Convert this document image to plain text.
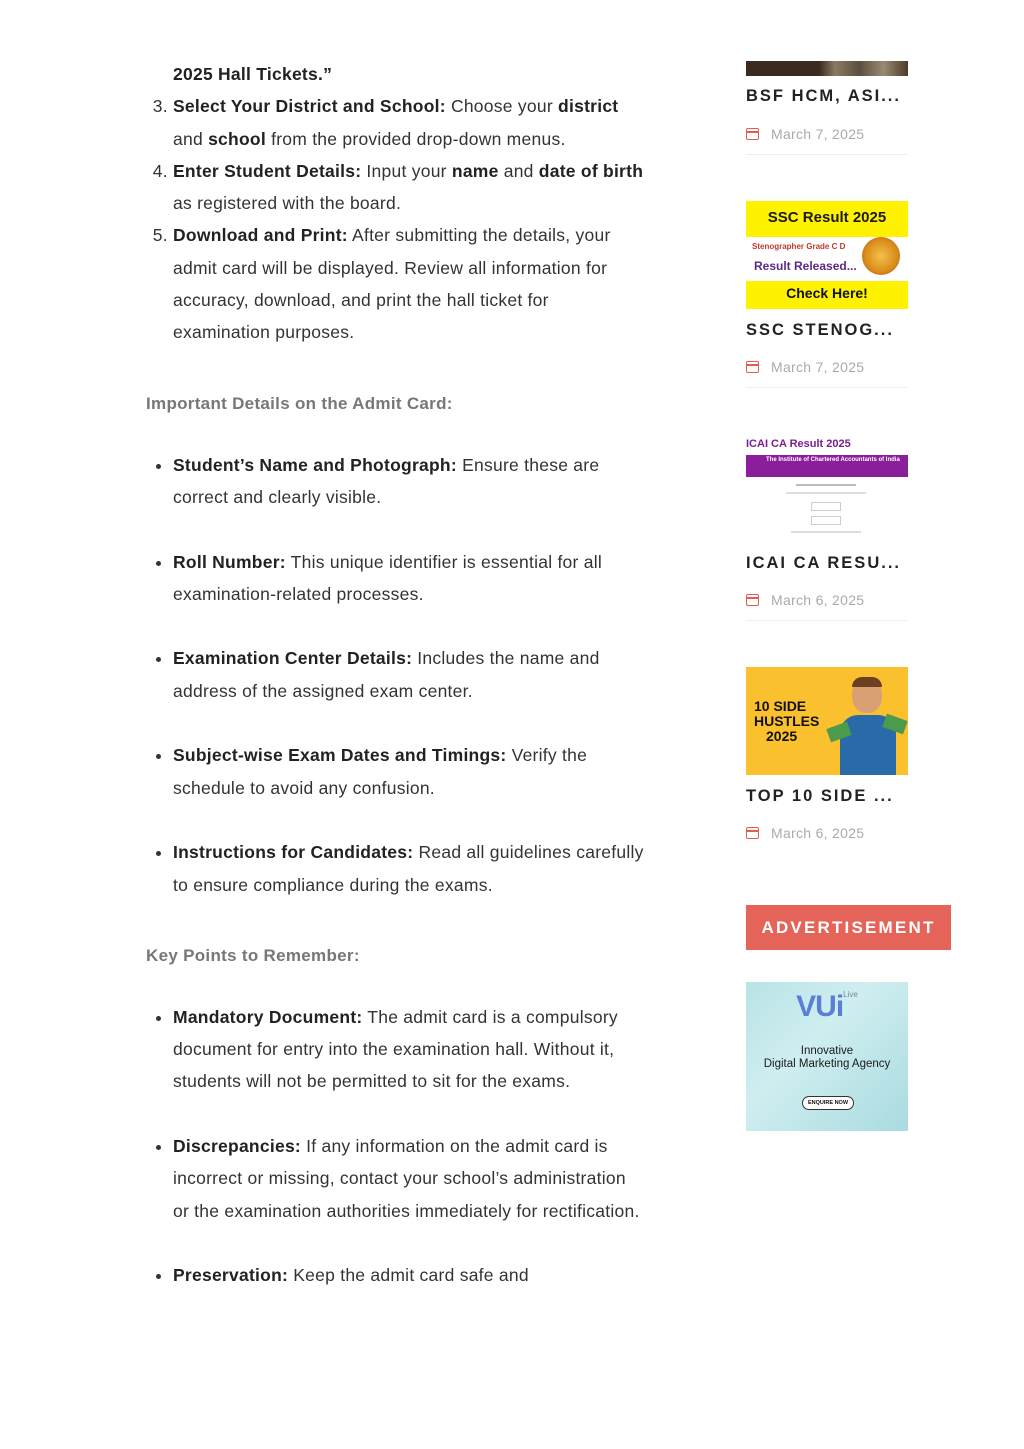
2025 Hall Tickets.”

3. Select Your District and School: Choose your district and school from the provided drop-down menus.
4. Enter Student Details: Input your name and date of birth as registered with the board.
5. Download and Print: After submitting the details, your admit card will be displayed. Review all information for accuracy, download, and print the hall ticket for examination purposes.
Important Details on the Admit Card:
• Student’s Name and Photograph: Ensure these are correct and clearly visible.
• Roll Number: This unique identifier is essential for all examination-related processes.
• Examination Center Details: Includes the name and address of the assigned exam center.
• Subject-wise Exam Dates and Timings: Verify the schedule to avoid any confusion.
• Instructions for Candidates: Read all guidelines carefully to ensure compliance during the exams.
Key Points to Remember:
• Mandatory Document: The admit card is a compulsory document for entry into the examination hall. Without it, students will not be permitted to sit for the exams.
• Discrepancies: If any information on the admit card is incorrect or missing, contact your school’s administration or the examination authorities immediately for rectification.
• Preservation: Keep the admit card safe and
BSF HCM, ASI...
March 7, 2025
SSC Result 2025
Stenographer Grade C D
Result Released...
Check Here!
SSC STENOG...
March 7, 2025
ICAI CA Result 2025
The Institute of Chartered Accountants of India
ICAI CA RESU...
March 6, 2025
10 SIDE
HUSTLES
2025
TOP 10 SIDE ...
March 6, 2025
ADVERTISEMENT
VUi$^{Live}$
Innovative
Digital Marketing Agency
ENQUIRE NOW
